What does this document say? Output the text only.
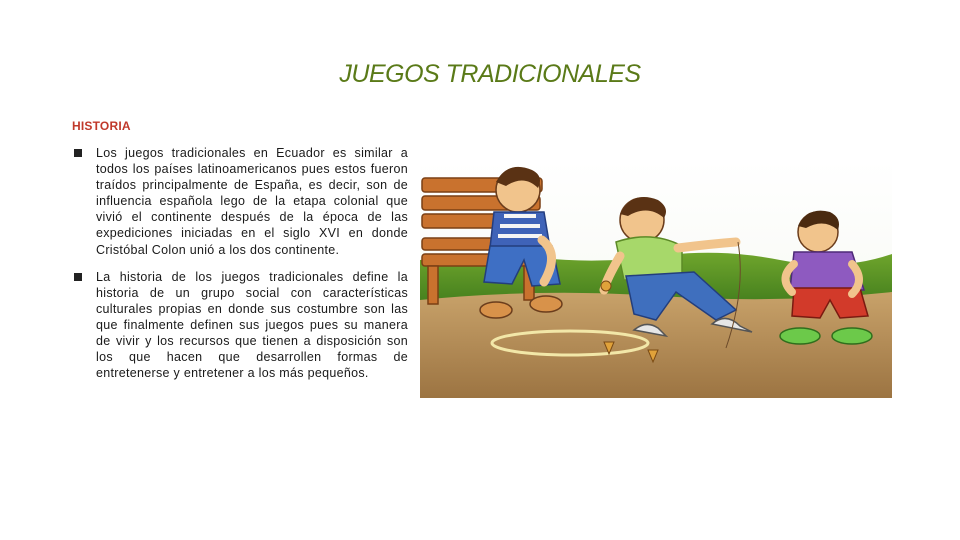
JUEGOS TRADICIONALES
HISTORIA
Los juegos tradicionales en Ecuador es similar a todos los países latinoamericanos pues estos fueron traídos principalmente de España, es decir, son de influencia española lego de la etapa colonial que vivió el continente después de la época de las expediciones iniciadas en el siglo XVI en donde Cristóbal Colon unió a los dos continente.
La historia de los juegos tradicionales define la historia de un grupo social con características culturales propias en donde sus costumbre son las que finalmente definen sus juegos pues su manera de vivir y los recursos que tienen a disposición son los que hacen que desarrollen formas de entretenerse y entretener a los más pequeños.
